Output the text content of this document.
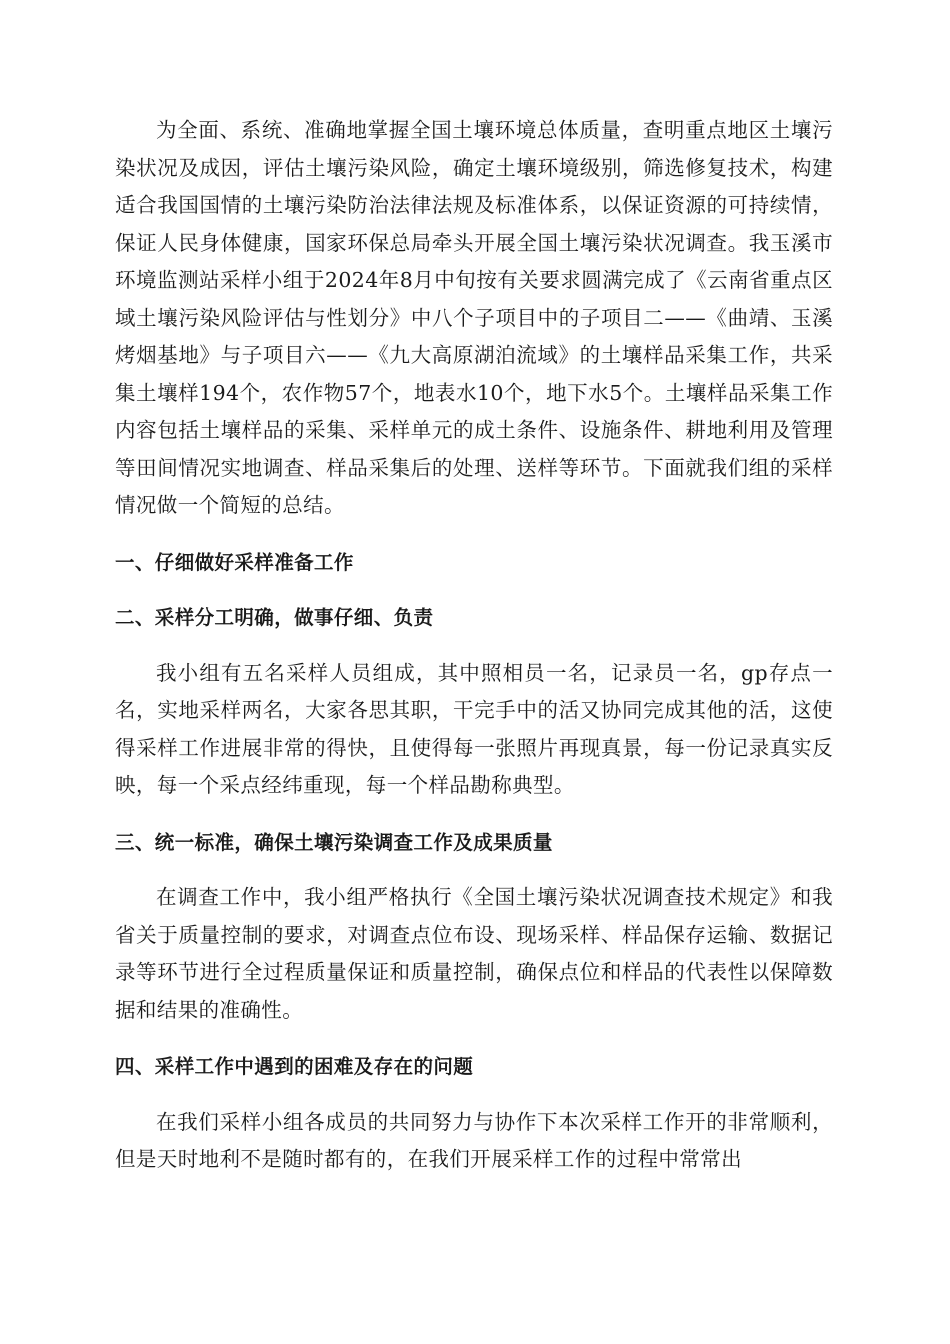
为全面、系统、准确地掌握全国土壤环境总体质量，查明重点地区土壤污染状况及成因，评估土壤污染风险，确定土壤环境级别，筛选修复技术，构建适合我国国情的土壤污染防治法律法规及标准体系，以保证资源的可持续情，保证人民身体健康，国家环保总局牵头开展全国土壤污染状况调查。我玉溪市环境监测站采样小组于2024年8月中旬按有关要求圆满完成了《云南省重点区域土壤污染风险评估与性划分》中八个子项目中的子项目二——《曲靖、玉溪烤烟基地》与子项目六——《九大高原湖泊流域》的土壤样品采集工作，共采集土壤样194个，农作物57个，地表水10个，地下水5个。土壤样品采集工作内容包括土壤样品的采集、采样单元的成土条件、设施条件、耕地利用及管理等田间情况实地调查、样品采集后的处理、送样等环节。下面就我们组的采样情况做一个简短的总结。

一、仔细做好采样准备工作
二、采样分工明确，做事仔细、负责

我小组有五名采样人员组成，其中照相员一名，记录员一名，gp存点一名，实地采样两名，大家各思其职，干完手中的活又协同完成其他的活，这使得采样工作进展非常的得快，且使得每一张照片再现真景，每一份记录真实反映，每一个采点经纬重现，每一个样品勘称典型。

三、统一标准，确保土壤污染调查工作及成果质量

在调查工作中，我小组严格执行《全国土壤污染状况调查技术规定》和我省关于质量控制的要求，对调查点位布设、现场采样、样品保存运输、数据记录等环节进行全过程质量保证和质量控制，确保点位和样品的代表性以保障数据和结果的准确性。

四、采样工作中遇到的困难及存在的问题

在我们采样小组各成员的共同努力与协作下本次采样工作开的非常顺利，但是天时地利不是随时都有的，在我们开展采样工作的过程中常常出
